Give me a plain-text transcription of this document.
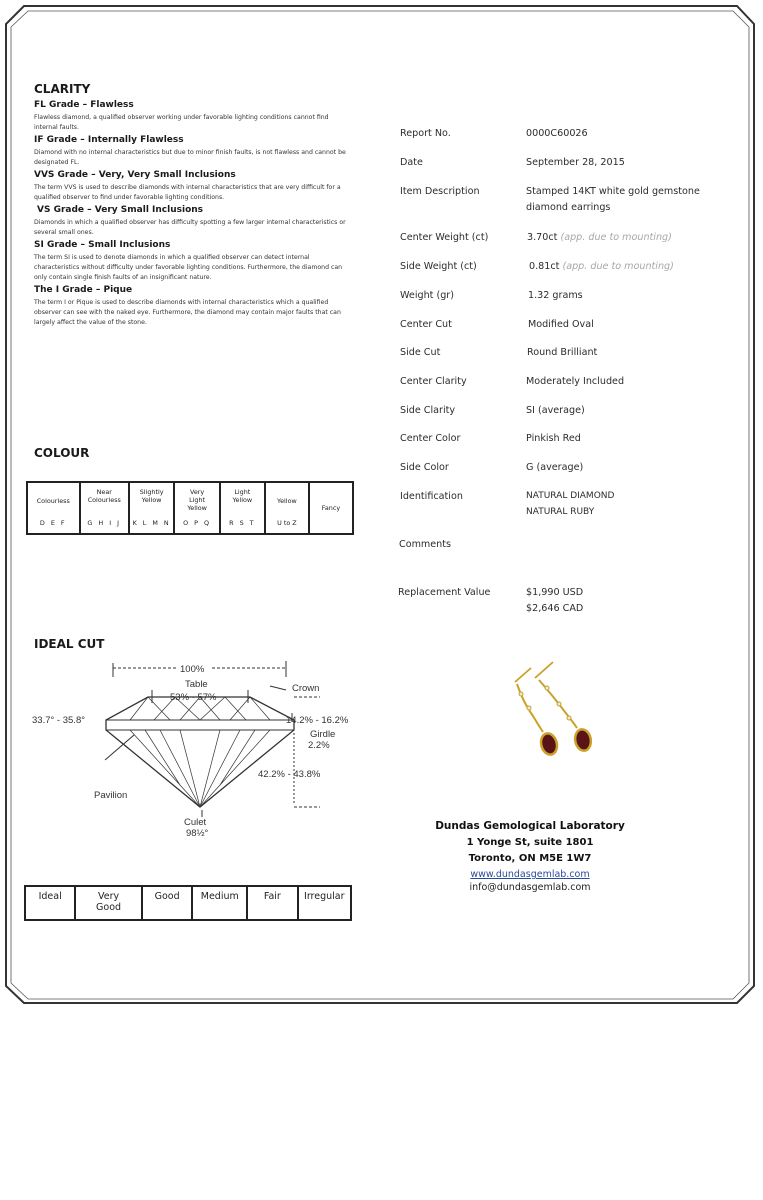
CLARITY
FL Grade – Flawless
Flawless diamond, a qualified observer working under favorable lighting conditions cannot find internal faults.
IF Grade – Internally Flawless
Diamond with no internal characteristics but due to minor finish faults, is not flawless and cannot be designated FL.
VVS Grade – Very, Very Small Inclusions
The term VVS is used to describe diamonds with internal characteristics that are very difficult for a qualified observer to find under favorable lighting conditions.
VS Grade – Very Small Inclusions
Diamonds in which a qualified observer has difficulty spotting a few larger internal characteristics or several small ones.
SI Grade – Small Inclusions
The term SI is used to denote diamonds in which a qualified observer can detect internal characteristics without difficulty under favorable lighting conditions. Furthermore, the diamond can only contain single finish faults of an insignificant nature.
The I Grade – Pique
The term I or Pique is used to describe diamonds with internal characteristics which a qualified observer can see with the naked eye. Furthermore, the diamond may contain major faults that can largely affect the value of the stone.
COLOUR
Colourless
D E F

Near Colourless
G H I J

Slightly Yellow
K L M N

Very Light Yellow
O P Q

Light Yellow
R S T

Yellow
U to Z

Fancy
IDEAL CUT
100%
Table
53% - 57%
Crown
33.7° - 35.8°	14.2% - 16.2%
Girdle
2.2%
42.2% - 43.8%
Pavilion
Culet
98½°
Ideal	Very Good	Good	Medium	Fair	Irregular
Report No.	0000C60026
Date	September 28, 2015
Item Description	Stamped 14KT white gold gemstone
diamond earrings
Center Weight (ct)	3.70ct (app. due to mounting)
Side Weight (ct)	0.81ct (app. due to mounting)
Weight (gr)	1.32 grams
Center Cut	Modified Oval
Side Cut	Round Brilliant
Center Clarity	Moderately Included
Side Clarity	SI (average)
Center Color	Pinkish Red
Side Color	G (average)
Identification	NATURAL DIAMOND
NATURAL RUBY
Comments
Replacement Value	$1,990 USD
$2,646 CAD
Dundas Gemological Laboratory
1 Yonge St, suite 1801
Toronto, ON M5E 1W7
www.dundasgemlab.com
info@dundasgemlab.com
